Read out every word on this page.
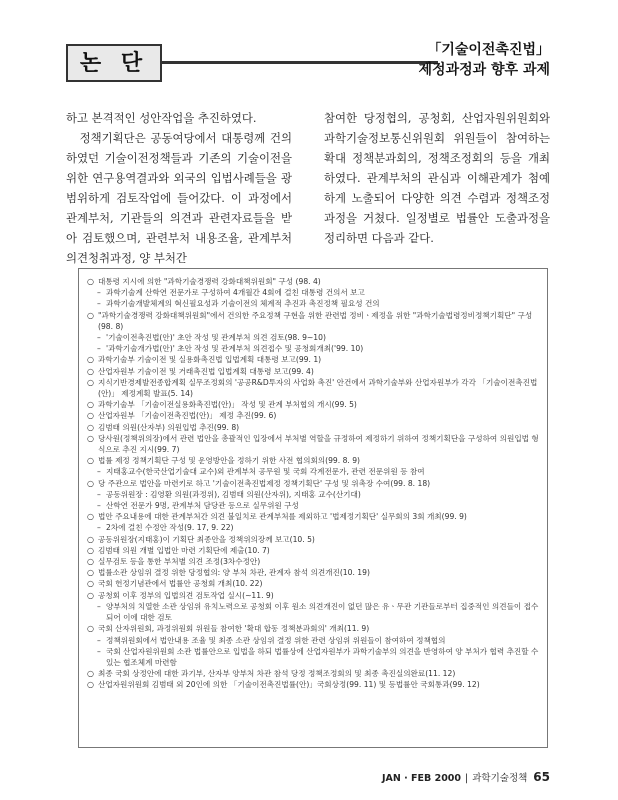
논 단	「기술이전촉진법」
제정과정과 향후 과제

하고 본격적인 성안작업을 추진하였다.

정책기획단은 공동여당에서 대통령께 건의하였던 기술이전정책들과 기존의 기술이전을 위한 연구용역결과와 외국의 입법사례들을 광범위하게 검토작업에 들어갔다. 이 과정에서 관계부처, 기관들의 의견과 관련자료들을 받아 검토했으며, 관련부처 내용조율, 관계부처 의견청취과정, 양 부처간

참여한 당정협의, 공청회, 산업자원위원회와 과학기술정보통신위원회 위원들이 참여하는 확대 정책분과회의, 정책조정회의 등을 개최하였다. 관계부처의 관심과 이해관계가 첨예하게 노출되어 다양한 의견 수렴과 정책조정과정을 거쳤다. 일정별로 법률안 도출과정을 정리하면 다음과 같다.

○ 대통령 지시에 의한 "과학기술경쟁력 강화대책위원회" 구성 (98. 4)
– 과학기술계 산학연 전문가로 구성하여 4개월간 4회에 걸친 대통령 건의서 보고
– 과학기술개발체계의 혁신필요성과 기술이전의 체계적 추진과 촉진정책 필요성 건의
○ "과학기술경쟁력 강화대책위원회"에서 건의한 주요정책 구현을 위한 관련법 정비ㆍ제정을 위한 "과학기술법령정비정책기획단" 구성 (98. 8)
– '기술이전촉진법(안)' 초안 작성 및 관계부처 의견 검토(98. 9~10)
– '과학기술개가법(안)' 초안 작성 및 관계부처 의견접수 및 공청회개최('99. 10)
○ 과학기술부 기술이전 및 실용화촉진법 입법계획 대통령 보고(99. 1)
○ 산업자원부 기술이전 및 거래촉진법 입법계획 대통령 보고(99. 4)
○ 지식기반경제발전종합계획 실무조정회의 '공공R&D투자의 사업화 촉진' 안건에서 과학기술부와 산업자원부가 각각 「기술이전촉진법(안)」 제정계획 발표(5. 14)
○ 과학기술부 「기술이전실용화촉진법(안)」 작성 및 관계 부처협의 개시(99. 5)
○ 산업자원부 「기술이전촉진법(안)」 제정 추진(99. 6)
○ 김범태 의원(산자부) 의원입법 추진(99. 8)
○ 당사원(정책위의장)에서 관련 법안을 총괄적인 입장에서 부처별 역할을 규정하여 제정하기 위하여 정책기획단을 구성하여 의원입법 형식으로 추진 지시(99. 7)
○ 법률 제정 정책기획단 구성 및 운영방안을 정하기 위한 사전 협의회의(99. 8. 9)
– 지태홍교수(한국산업기술대 교수)외 관계부처 공무원 및 국회 각계전문가, 관련 전문위원 등 참여
○ 당 주관으로 법안을 마련키로 하고 '기술이전촉진법제정 정책기획단' 구성 및 위촉장 수여(99. 8. 18)
– 공동위원장 : 김영환 의원(과정위), 김범태 의원(산자위), 지태홍 교수(산기대)
– 산학연 전문가 9명, 관계부처 담당관 등으로 실무위원 구성
○ 법안 주요내용에 대한 관계부처간 의견 불일치로 관계부처를 제외하고 '법제정기획단' 실무회의 3회 개최(99. 9)
– 2차에 걸친 수정안 작성(9. 17, 9. 22)
○ 공동위원장(지태홍)이 기획단 최종안을 정책위의장께 보고(10. 5)
○ 김범태 의원 개별 입법안 마련 기획단에 제출(10. 7)
○ 실무검토 등을 통한 부처별 의견 조정(3차수정안)
○ 법률소관 상임위 결정 위한 당정협의: 양 부처 차관, 관계자 참석 의견개진(10. 19)
○ 국회 헌정기념관에서 법률안 공청회 개최(10. 22)
○ 공청회 이후 정부의 입법의견 검토작업 실시(~11. 9)
– 양부처의 치열한 소관 상임위 유치노력으로 공청회 이후 원소 의견개진이 없던 많은 유ㆍ무관 기관들로부터 집중적인 의견들이 접수되어 이에 대한 검토
○ 국회 산자위원회, 과정위원회 위원들 참여한 '확대 합동 정책분과회의' 개최(11. 9)
– 정책위원회에서 법안내용 조율 및 최종 소관 상임위 결정 위한 관련 상임위 위원들이 참여하여 정책협의
– 국회 산업자원위원회 소관 법률안으로 입법을 하되 법률상에 산업자원부가 과학기술부의 의견을 반영하여 양 부처가 협력 추진할 수 있는 협조체계 마련함
○ 최종 국회 상정안에 대한 과기부, 산자부 양부처 차관 참석 당정 정책조정회의 및 최종 촉진실의완료(11. 12)
○ 산업자원위원회 김범태 외 20인에 의한 「기술이전촉진법률(안)」국회상정(99. 11) 및 등법률안 국회통과(99. 12)
JAN · FEB 2000 | 과학기술정책 65
